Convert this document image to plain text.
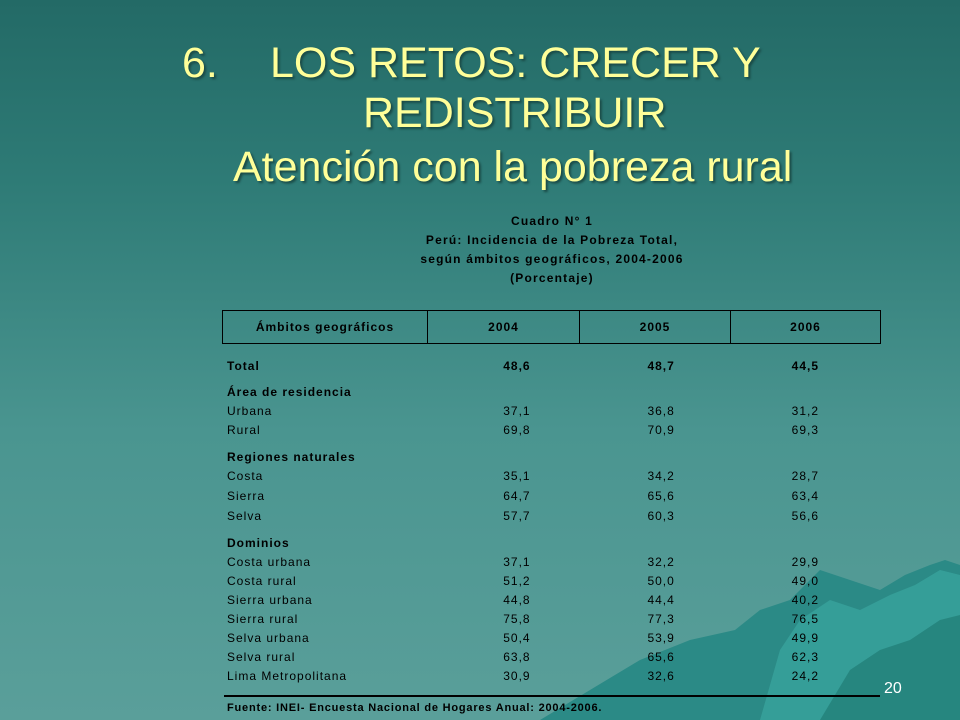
6. LOS RETOS: CRECER Y
REDISTRIBUIR
Atención con la pobreza rural
Cuadro N° 1
Perú: Incidencia de la Pobreza Total,
según ámbitos geográficos, 2004-2006
(Porcentaje)
Ámbitos geográficos	2004	2005	2006
Total	48,6	48,7	44,5
Área de residencia
Urbana	37,1	36,8	31,2
Rural	69,8	70,9	69,3
Regiones naturales
Costa	35,1	34,2	28,7
Sierra	64,7	65,6	63,4
Selva	57,7	60,3	56,6
Dominios
Costa urbana	37,1	32,2	29,9
Costa rural	51,2	50,0	49,0
Sierra urbana	44,8	44,4	40,2
Sierra rural	75,8	77,3	76,5
Selva urbana	50,4	53,9	49,9
Selva rural	63,8	65,6	62,3
Lima Metropolitana	30,9	32,6	24,2
Fuente: INEI- Encuesta Nacional de Hogares Anual: 2004-2006.
20
